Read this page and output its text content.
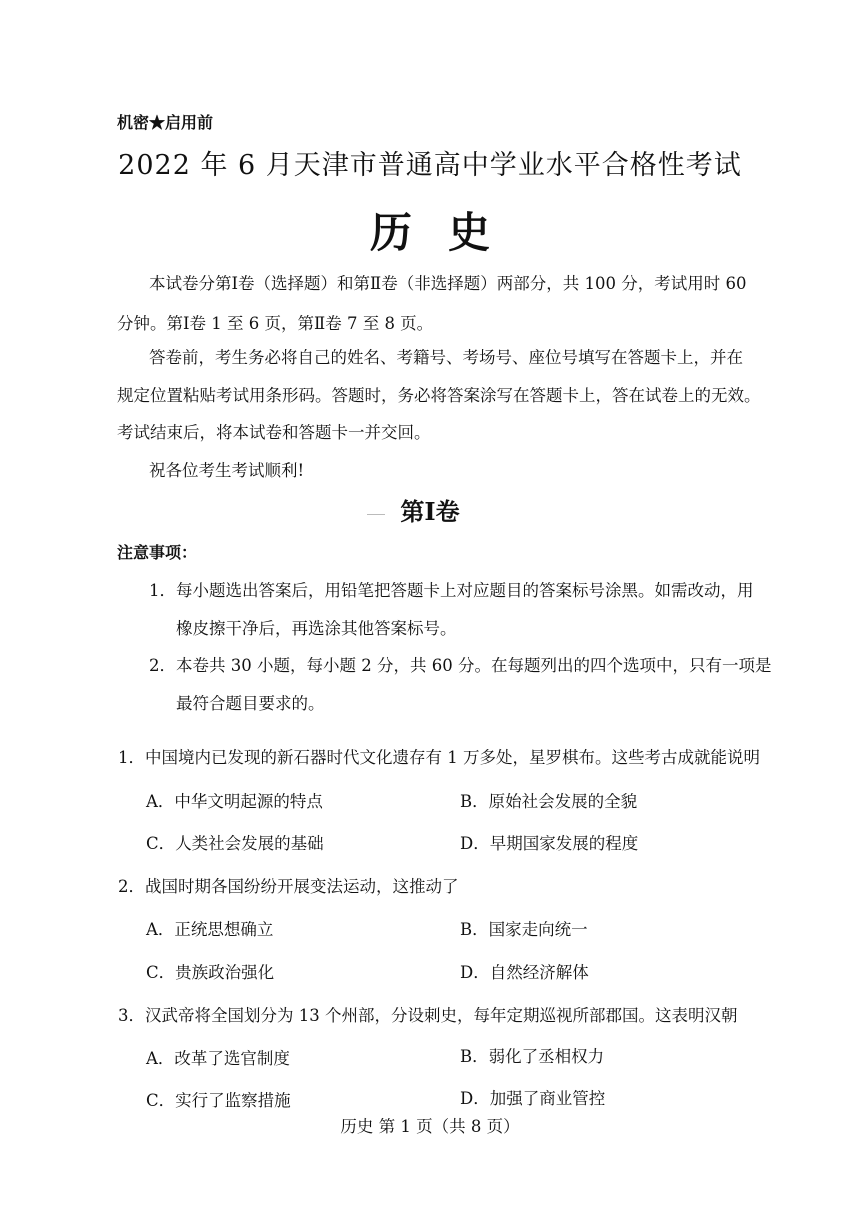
机密★启用前
2022 年 6 月天津市普通高中学业水平合格性考试
历史
本试卷分第Ⅰ卷（选择题）和第Ⅱ卷（非选择题）两部分，共 100 分，考试用时 60
分钟。第Ⅰ卷 1 至 6 页，第Ⅱ卷 7 至 8 页。
答卷前，考生务必将自己的姓名、考籍号、考场号、座位号填写在答题卡上，并在
规定位置粘贴考试用条形码。答题时，务必将答案涂写在答题卡上，答在试卷上的无效。
考试结束后，将本试卷和答题卡一并交回。
祝各位考生考试顺利!
第Ⅰ卷
注意事项：
1．每小题选出答案后，用铅笔把答题卡上对应题目的答案标号涂黑。如需改动，用
橡皮擦干净后，再选涂其他答案标号。
2．本卷共 30 小题，每小题 2 分，共 60 分。在每题列出的四个选项中，只有一项是
最符合题目要求的。
1．中国境内已发现的新石器时代文化遗存有 1 万多处，星罗棋布。这些考古成就能说明
A．中华文明起源的特点	B．原始社会发展的全貌
C．人类社会发展的基础	D．早期国家发展的程度
2．战国时期各国纷纷开展变法运动，这推动了
A．正统思想确立	B．国家走向统一
C．贵族政治强化	D．自然经济解体
3．汉武帝将全国划分为 13 个州部，分设刺史，每年定期巡视所部郡国。这表明汉朝
A．改革了选官制度	B．弱化了丞相权力
C．实行了监察措施	D．加强了商业管控
历史 第 1 页（共 8 页）
